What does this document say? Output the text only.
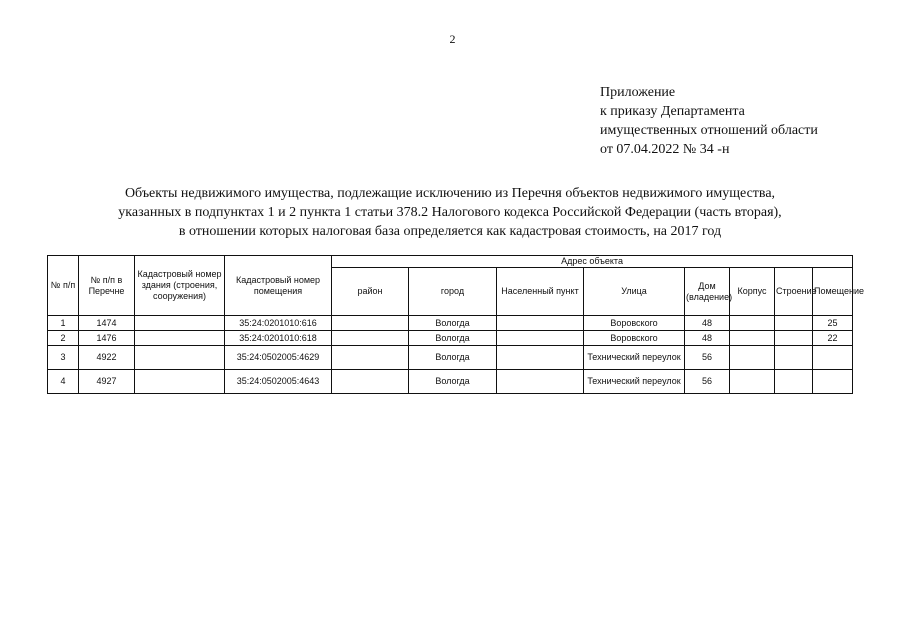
2
Приложение
к приказу Департамента
имущественных отношений области
от 07.04.2022 № 34 -н
Объекты недвижимого имущества, подлежащие исключению из Перечня объектов недвижимого имущества,
указанных в подпунктах 1 и 2 пункта 1 статьи 378.2 Налогового кодекса Российской Федерации (часть вторая),
в отношении которых налоговая база определяется как кадастровая стоимость, на 2017 год
№ п/п	№ п/п в Перечне	Кадастровый номер здания (строения, сооружения)	Кадастровый номер помещения	Адрес объекта							
				район	город	Населенный пункт	Улица	Дом (владение)	Корпус	Строение	Помещение
1	1474		35:24:0201010:616		Вологда		Воровского	48			25
2	1476		35:24:0201010:618		Вологда		Воровского	48			22
3	4922		35:24:0502005:4629		Вологда		Технический переулок	56			
4	4927		35:24:0502005:4643		Вологда		Технический переулок	56			
